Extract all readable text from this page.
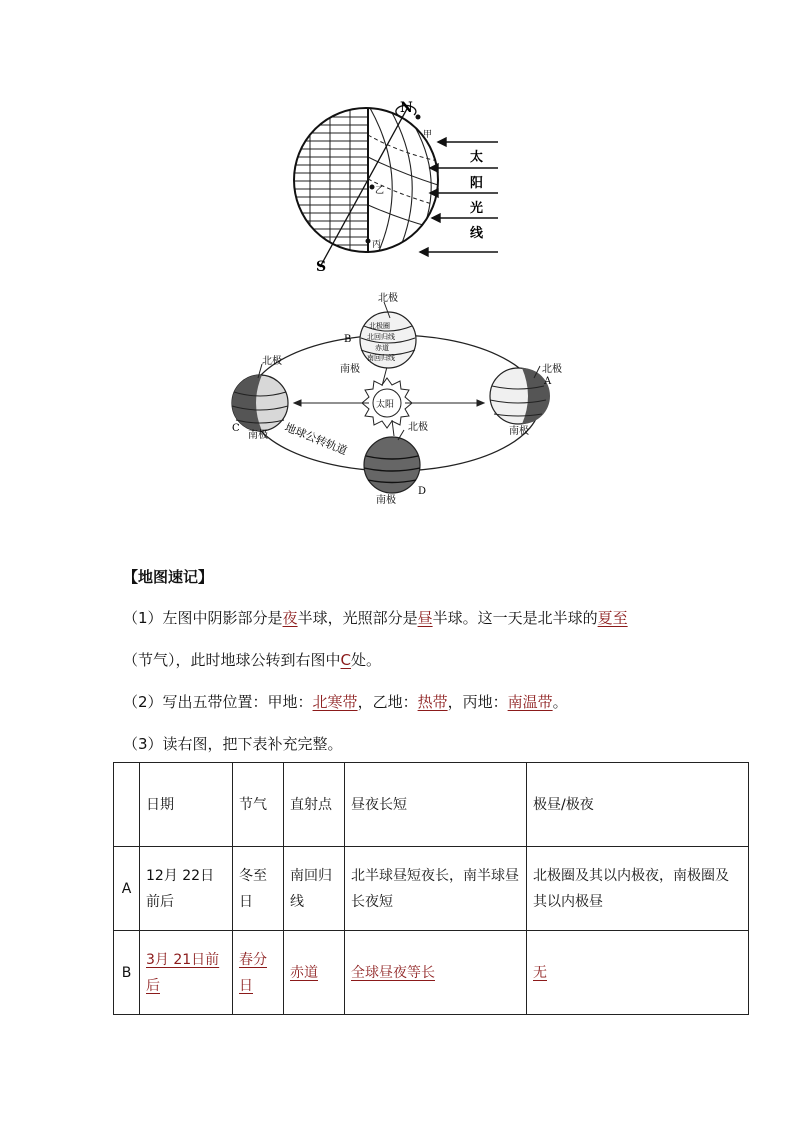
N
S
甲
乙
丙
太
阳
光
线
太阳
北极圈
北回归线
赤道
南回归线
北极
南极
B
北极
南极
C
北极
南极
A
北极
南极
D
地球公转轨道
【地图速记】
（1）左图中阴影部分是夜半球，光照部分是昼半球。这一天是北半球的夏至
（节气），此时地球公转到右图中C处。
（2）写出五带位置：甲地：北寒带，乙地：热带，丙地：南温带。
（3）读右图，把下表补充完整。
	日期	节气	直射点	昼夜长短	极昼/极夜
A	12月 22日前后	冬至日	南回归线	北半球昼短夜长，南半球昼长夜短	北极圈及其以内极夜，南极圈及其以内极昼
B	3月 21日前后	春分日	赤道	全球昼夜等长	无
